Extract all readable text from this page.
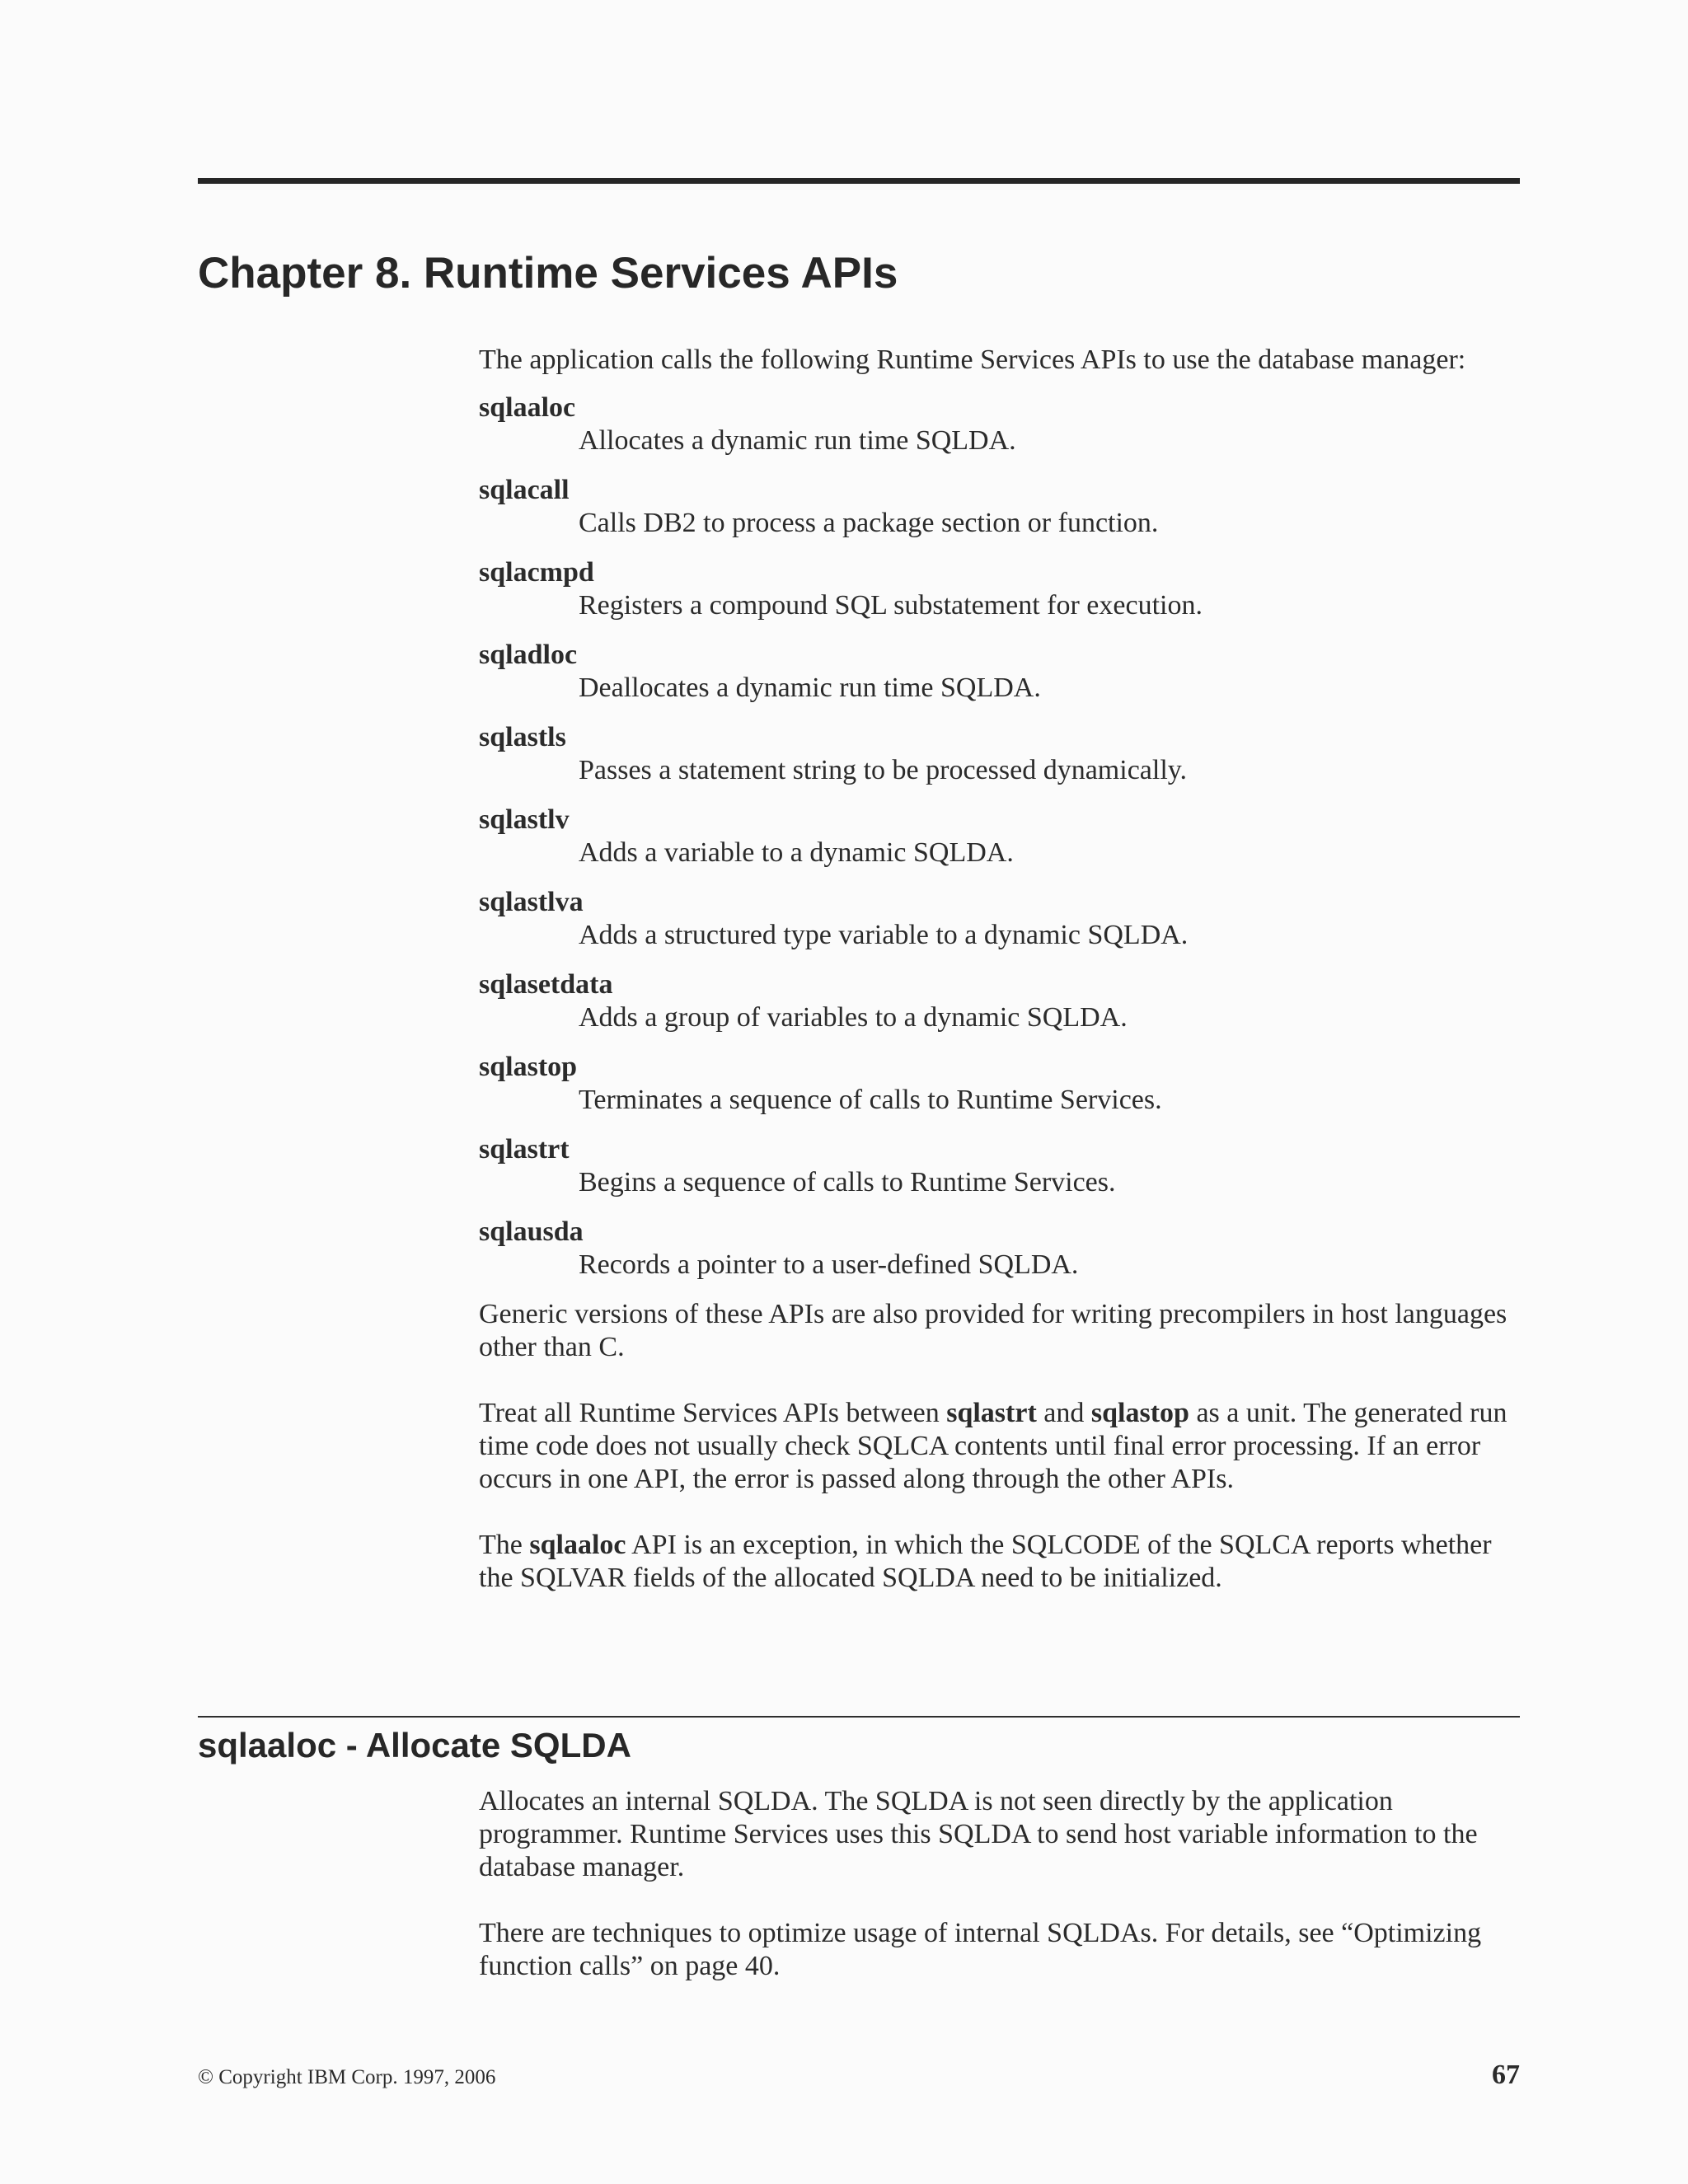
Chapter 8. Runtime Services APIs

The application calls the following Runtime Services APIs to use the database manager:

sqlaaloc
Allocates a dynamic run time SQLDA.
sqlacall
Calls DB2 to process a package section or function.
sqlacmpd
Registers a compound SQL substatement for execution.
sqladloc
Deallocates a dynamic run time SQLDA.
sqlastls
Passes a statement string to be processed dynamically.
sqlastlv
Adds a variable to a dynamic SQLDA.
sqlastlva
Adds a structured type variable to a dynamic SQLDA.
sqlasetdata
Adds a group of variables to a dynamic SQLDA.
sqlastop
Terminates a sequence of calls to Runtime Services.
sqlastrt
Begins a sequence of calls to Runtime Services.
sqlausda
Records a pointer to a user-defined SQLDA.

Generic versions of these APIs are also provided for writing precompilers in host languages other than C.

Treat all Runtime Services APIs between sqlastrt and sqlastop as a unit. The generated run time code does not usually check SQLCA contents until final error processing. If an error occurs in one API, the error is passed along through the other APIs.

The sqlaaloc API is an exception, in which the SQLCODE of the SQLCA reports whether the SQLVAR fields of the allocated SQLDA need to be initialized.

sqlaaloc - Allocate SQLDA

Allocates an internal SQLDA. The SQLDA is not seen directly by the application programmer. Runtime Services uses this SQLDA to send host variable information to the database manager.

There are techniques to optimize usage of internal SQLDAs. For details, see “Optimizing function calls” on page 40.

© Copyright IBM Corp. 1997, 2006	67
